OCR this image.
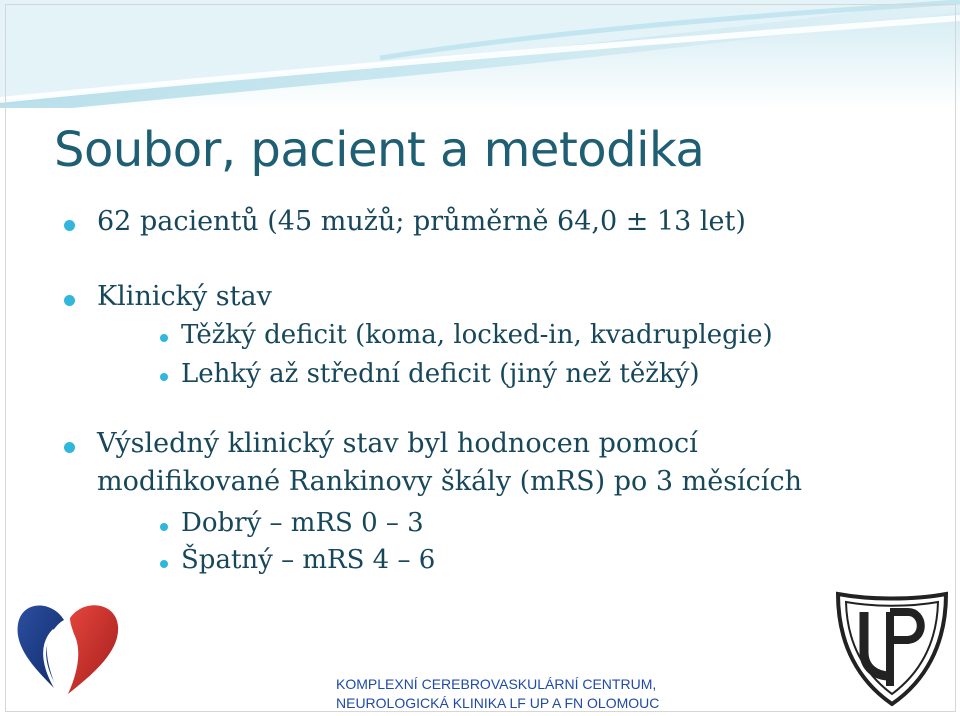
Soubor, pacient a metodika
62 pacientů (45 mužů; průměrně 64,0 ± 13 let)
Klinický stav
Těžký deficit (koma, locked-in, kvadruplegie)
Lehký až střední deficit (jiný než těžký)
Výsledný klinický stav byl hodnocen pomocí
modifikované Rankinovy škály (mRS) po 3 měsících
Dobrý – mRS 0 – 3
Špatný – mRS 4 – 6
KOMPLEXNÍ CEREBROVASKULÁRNÍ CENTRUM,
NEUROLOGICKÁ KLINIKA LF UP A FN OLOMOUC
